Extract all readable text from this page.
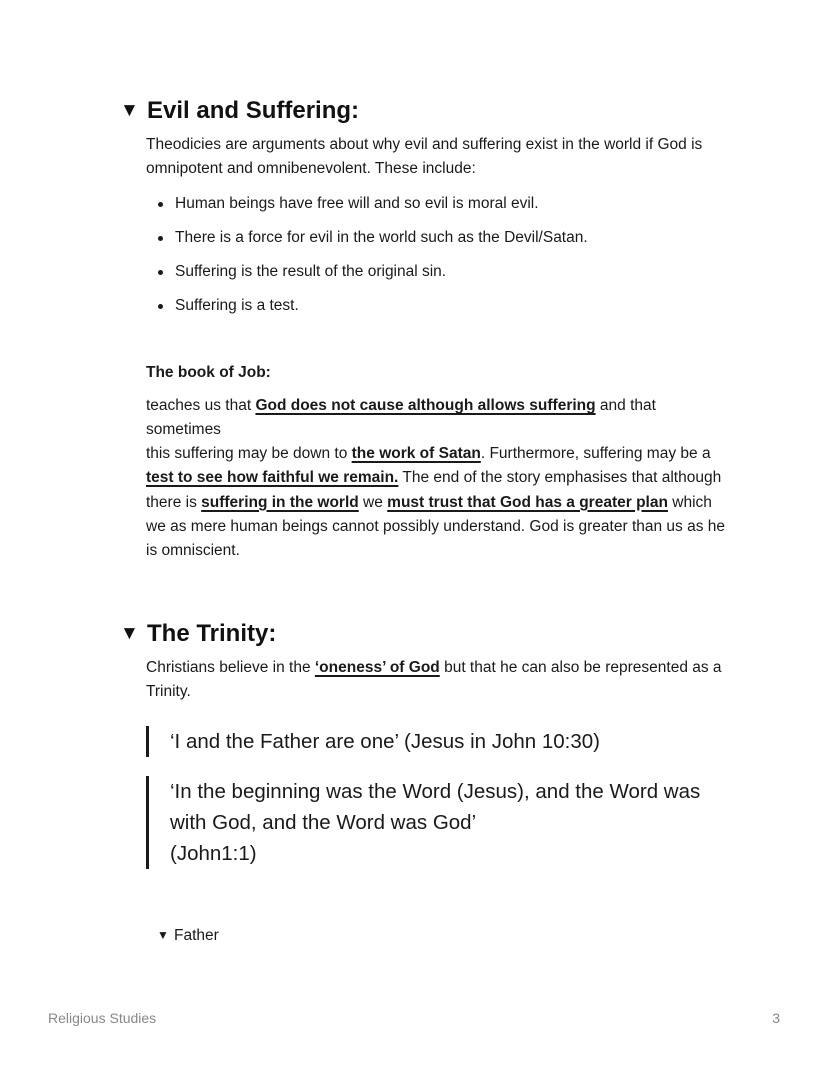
▼ Evil and Suffering:

Theodicies are arguments about why evil and suffering exist in the world if God is omnipotent and omnibenevolent. These include:

Human beings have free will and so evil is moral evil.
There is a force for evil in the world such as the Devil/Satan.
Suffering is the result of the original sin.
Suffering is a test.

The book of Job:

teaches us that God does not cause although allows suffering and that sometimes

this suffering may be down to the work of Satan. Furthermore, suffering may be a test to see how faithful we remain. The end of the story emphasises that although there is suffering in the world we must trust that God has a greater plan which we as mere human beings cannot possibly understand. God is greater than us as he is omniscient.

▼ The Trinity:

Christians believe in the ‘oneness’ of God but that he can also be represented as a Trinity.

‘I and the Father are one’ (Jesus in John 10:30)
‘In the beginning was the Word (Jesus), and the Word was with God, and the Word was God’
(John1:1)
▼ Father
Religious Studies	3
